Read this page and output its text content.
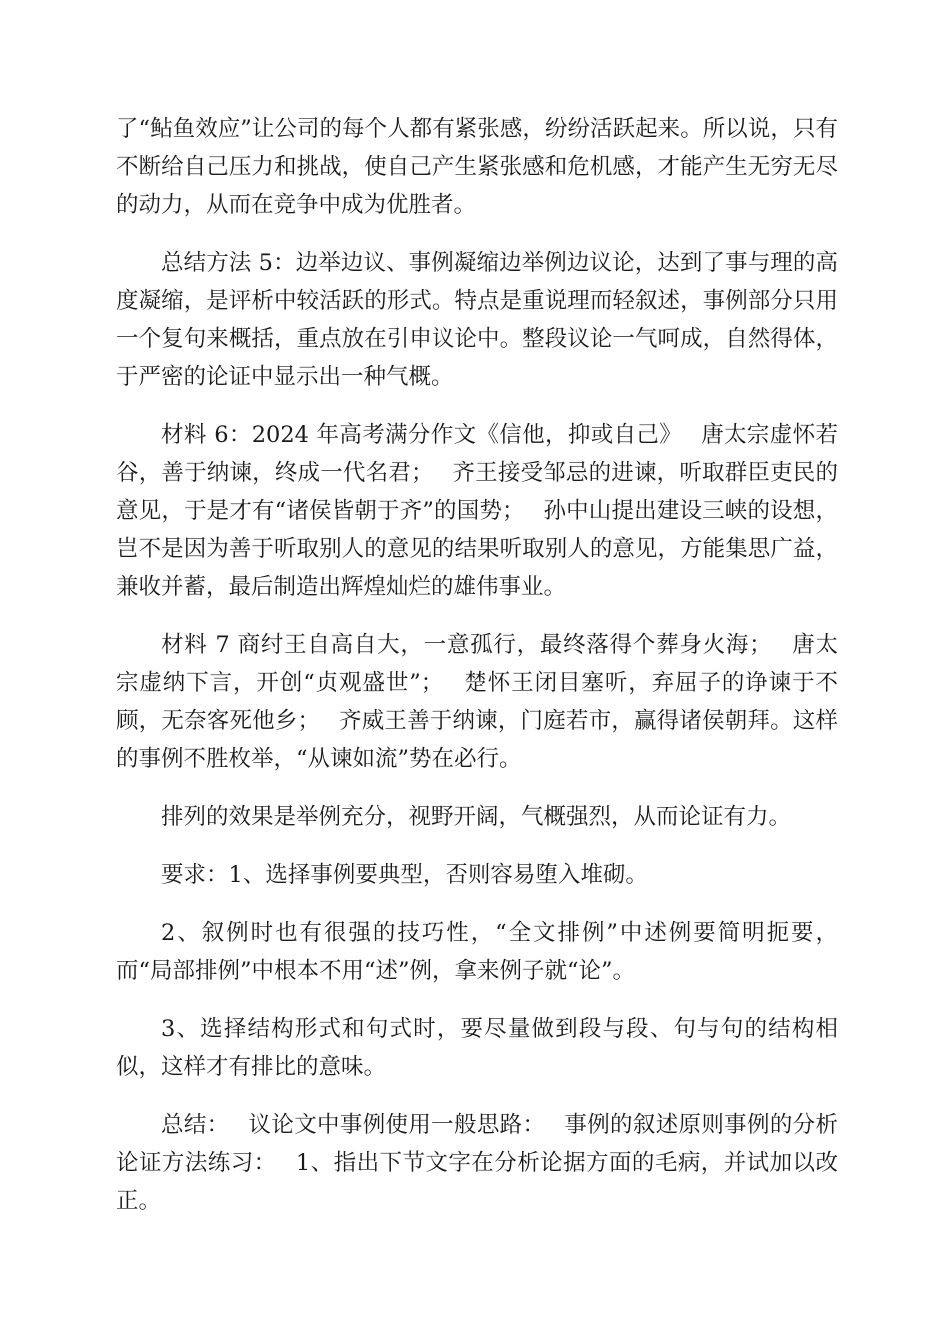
了“鲇鱼效应”让公司的每个人都有紧张感，纷纷活跃起来。所以说，只有不断给自己压力和挑战，使自己产生紧张感和危机感，才能产生无穷无尽的动力，从而在竞争中成为优胜者。

总结方法 5：边举边议、事例凝缩边举例边议论，达到了事与理的高度凝缩，是评析中较活跃的形式。特点是重说理而轻叙述，事例部分只用一个复句来概括，重点放在引申议论中。整段议论一气呵成，自然得体，于严密的论证中显示出一种气概。

材料 6：2024 年高考满分作文《信他，抑或自己》　 唐太宗虚怀若谷，善于纳谏，终成一代名君；　 齐王接受邹忌的进谏，听取群臣吏民的意见，于是才有“诸侯皆朝于齐”的国势；　 孙中山提出建设三峡的设想，岂不是因为善于听取别人的意见的结果听取别人的意见，方能集思广益，兼收并蓄，最后制造出辉煌灿烂的雄伟事业。

材料 7 商纣王自高自大，一意孤行，最终落得个葬身火海；　 唐太宗虚纳下言，开创“贞观盛世”；　 楚怀王闭目塞听，弃屈子的诤谏于不顾，无奈客死他乡；　 齐威王善于纳谏，门庭若市，赢得诸侯朝拜。这样的事例不胜枚举，“从谏如流”势在必行。

排列的效果是举例充分，视野开阔，气概强烈，从而论证有力。

要求：1、选择事例要典型，否则容易堕入堆砌。

2、叙例时也有很强的技巧性，“全文排例”中述例要简明扼要，而“局部排例”中根本不用“述”例，拿来例子就“论”。

3、选择结构形式和句式时，要尽量做到段与段、句与句的结构相似，这样才有排比的意味。

总结：　 议论文中事例使用一般思路：　 事例的叙述原则事例的分析论证方法练习：　 1、指出下节文字在分析论据方面的毛病，并试加以改正。
